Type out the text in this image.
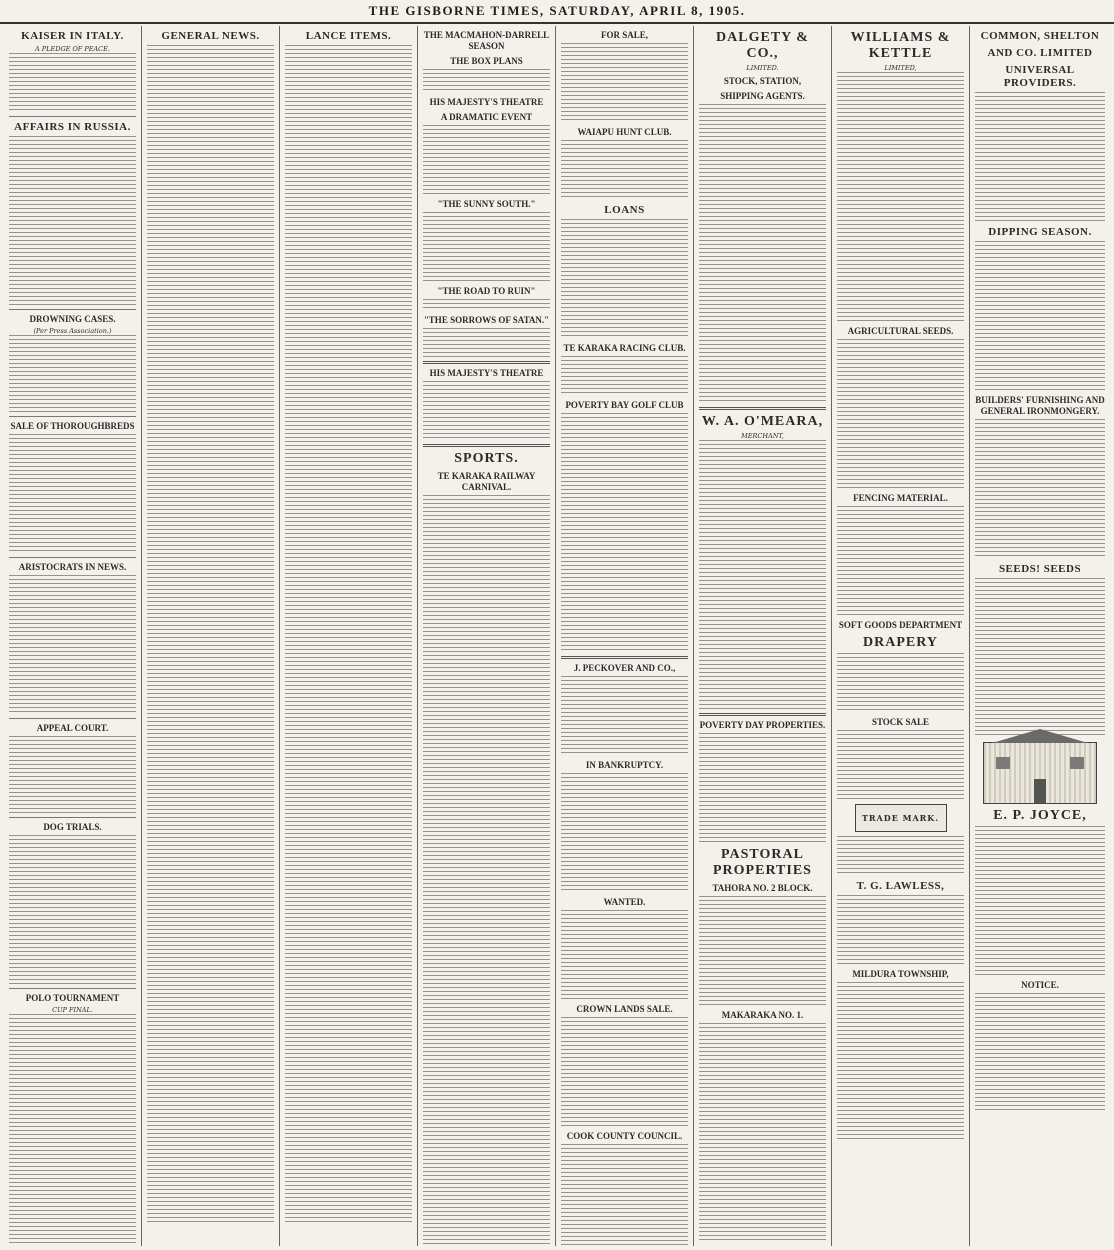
THE GISBORNE TIMES, SATURDAY, APRIL 8, 1905.
KAISER IN ITALY.
A PLEDGE OF PEACE.
AFFAIRS IN RUSSIA.
DROWNING CASES.
(Per Press Association.)
SALE OF THOROUGHBREDS
ARISTOCRATS IN NEWS.
APPEAL COURT.
DOG TRIALS.
POLO TOURNAMENT
CUP FINAL.
GENERAL NEWS.	LANCE ITEMS.	THE MACMAHON-DARRELL SEASON
THE BOX PLANS
HIS MAJESTY'S THEATRE
A DRAMATIC EVENT
"THE SUNNY SOUTH."
"THE ROAD TO RUIN"
"THE SORROWS OF SATAN."
HIS MAJESTY'S THEATRE
SPORTS.
TE KARAKA RAILWAY CARNIVAL.
FOR SALE,
WAIAPU HUNT CLUB.
LOANS
TE KARAKA RACING CLUB.
POVERTY BAY GOLF CLUB
J. PECKOVER AND CO.,
IN BANKRUPTCY.
WANTED.
CROWN LANDS SALE.
COOK COUNTY COUNCIL.
DALGETY & CO.,
LIMITED.
STOCK, STATION,
SHIPPING AGENTS.
W. A. O'MEARA,
MERCHANT,
POVERTY DAY PROPERTIES.
PASTORAL PROPERTIES
TAHORA NO. 2 BLOCK.
MAKARAKA NO. 1.
WILLIAMS & KETTLE
LIMITED,
AGRICULTURAL SEEDS.
FENCING MATERIAL.
SOFT GOODS DEPARTMENT
DRAPERY
STOCK SALE
TRADE MARK.
T. G. LAWLESS,
MILDURA TOWNSHIP,
COMMON, SHELTON
AND CO. LIMITED
UNIVERSAL PROVIDERS.
DIPPING SEASON.
BUILDERS' FURNISHING AND GENERAL IRONMONGERY.
SEEDS! SEEDS
E. P. JOYCE,
NOTICE.
